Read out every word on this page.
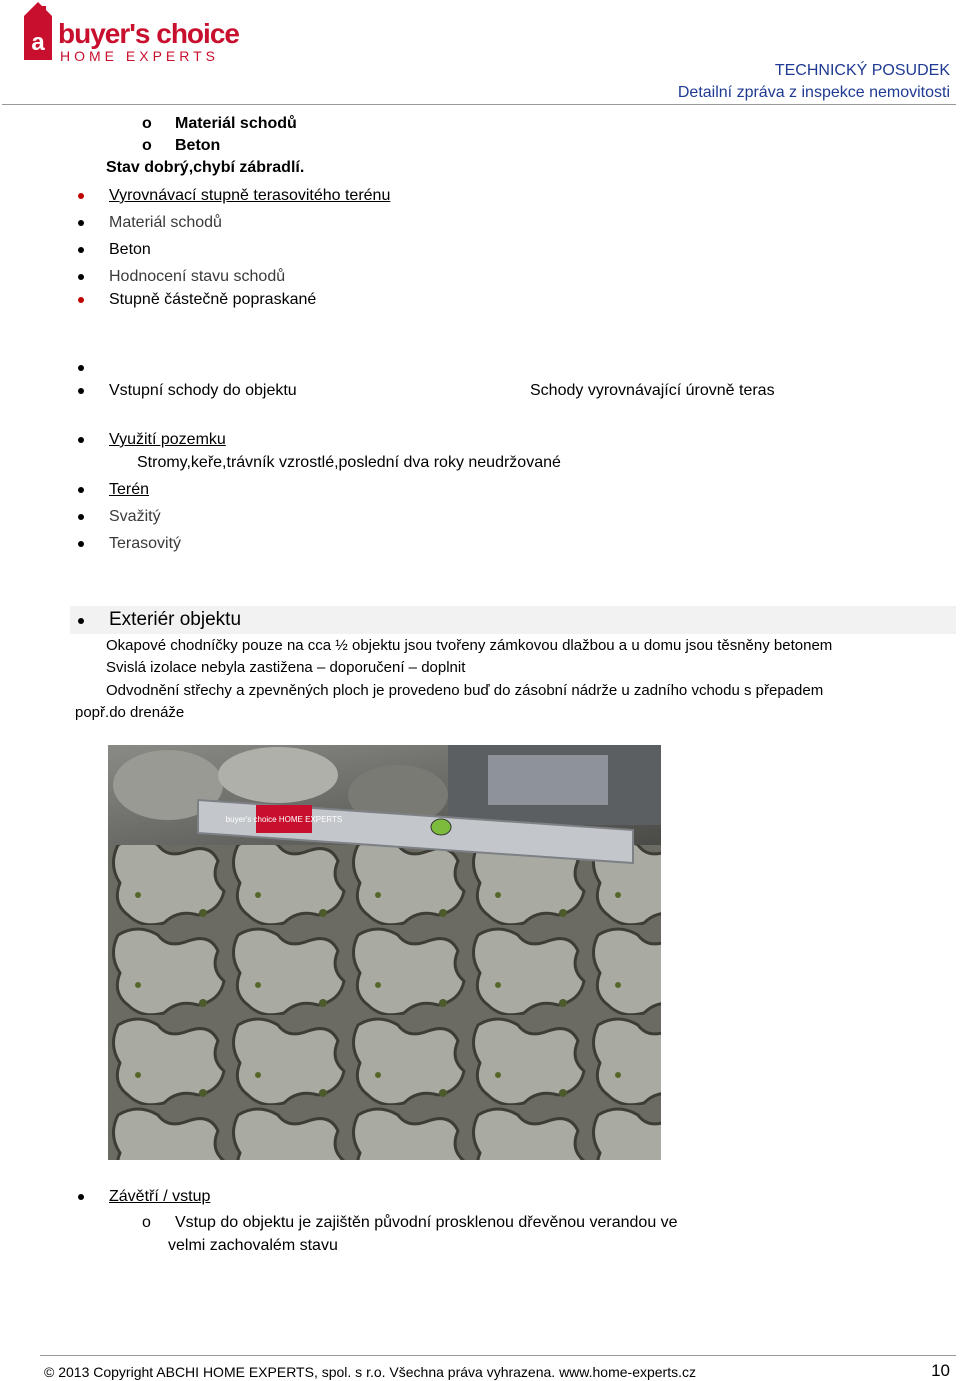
a buyer's choice
HOME EXPERTS
TECHNICKÝ POSUDEK
Detailní zpráva z inspekce nemovitosti
o Materiál schodů
o Beton
Stav dobrý,chybí zábradlí.
Vyrovnávací stupně terasovitého terénu
Materiál schodů
Beton
Hodnocení stavu schodů
Stupně částečně popraskané
Vstupní schody do objektu	Schody vyrovnávající úrovně teras
Využití pozemku
Stromy,keře,trávník vzrostlé,poslední dva roky neudržované
Terén
Svažitý
Terasovitý
Exteriér objektu
Okapové chodníčky pouze na cca ½ objektu jsou tvořeny zámkovou dlažbou a u domu jsou těsněny betonem
Svislá izolace nebyla zastižena – doporučení – doplnit
Odvodnění střechy a zpevněných ploch je provedeno buď do zásobní nádrže u zadního vchodu s přepadem
popř.do drenáže
buyer's choice HOME EXPERTS
Závětří / vstup
o Vstup do objektu je zajištěn původní prosklenou dřevěnou verandou ve
velmi zachovalém stavu
© 2013 Copyright ABCHI HOME EXPERTS, spol. s r.o. Všechna práva vyhrazena. www.home-experts.cz	10
